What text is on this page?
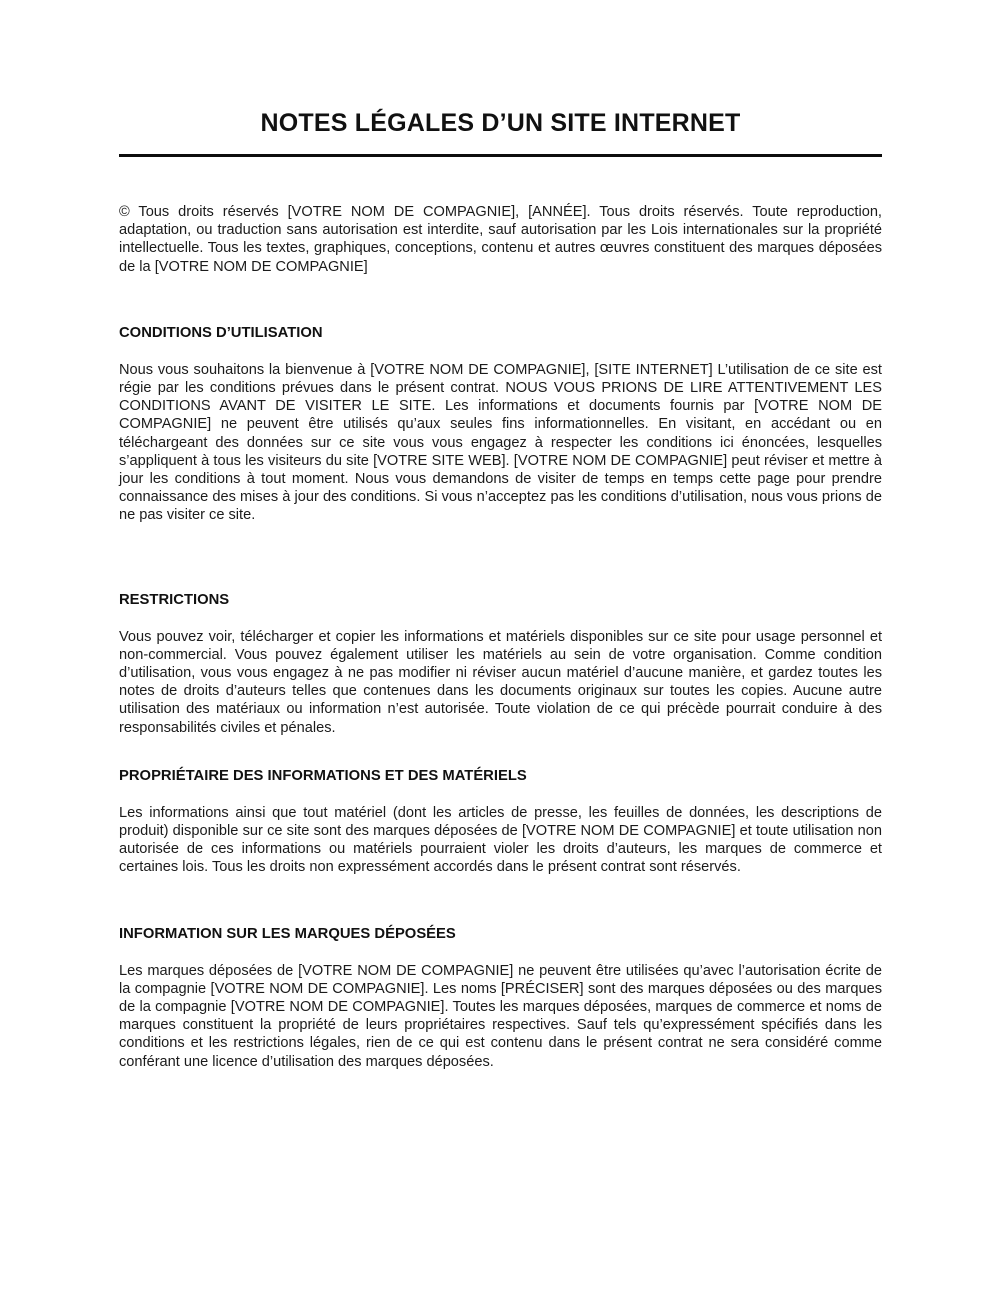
NOTES LÉGALES D’UN SITE INTERNET

© Tous droits réservés [VOTRE NOM DE COMPAGNIE], [ANNÉE]. Tous droits réservés. Toute reproduction, adaptation, ou traduction sans autorisation est interdite, sauf autorisation par les Lois internationales sur la propriété intellectuelle. Tous les textes, graphiques, conceptions, contenu et autres œuvres constituent des marques déposées de la [VOTRE NOM DE COMPAGNIE]

CONDITIONS D’UTILISATION

Nous vous souhaitons la bienvenue à [VOTRE NOM DE COMPAGNIE], [SITE INTERNET] L’utilisation de ce site est régie par les conditions prévues dans le présent contrat. NOUS VOUS PRIONS DE LIRE ATTENTIVEMENT LES CONDITIONS AVANT DE VISITER LE SITE. Les informations et documents fournis par [VOTRE NOM DE COMPAGNIE] ne peuvent être utilisés qu’aux seules fins informationnelles. En visitant, en accédant ou en téléchargeant des données sur ce site vous vous engagez à respecter les conditions ici énoncées, lesquelles s’appliquent à tous les visiteurs du site [VOTRE SITE WEB]. [VOTRE NOM DE COMPAGNIE] peut réviser et mettre à jour les conditions à tout moment. Nous vous demandons de visiter de temps en temps cette page pour prendre connaissance des mises à jour des conditions. Si vous n’acceptez pas les conditions d’utilisation, nous vous prions de ne pas visiter ce site.

RESTRICTIONS

Vous pouvez voir, télécharger et copier les informations et matériels disponibles sur ce site pour usage personnel et non-commercial. Vous pouvez également utiliser les matériels au sein de votre organisation. Comme condition d’utilisation, vous vous engagez à ne pas modifier ni réviser aucun matériel d’aucune manière, et gardez toutes les notes de droits d’auteurs telles que contenues dans les documents originaux sur toutes les copies. Aucune autre utilisation des matériaux ou information n’est autorisée. Toute violation de ce qui précède pourrait conduire à des responsabilités civiles et pénales.

PROPRIÉTAIRE DES INFORMATIONS ET DES MATÉRIELS

Les informations ainsi que tout matériel (dont les articles de presse, les feuilles de données, les descriptions de produit) disponible sur ce site sont des marques déposées de [VOTRE NOM DE COMPAGNIE] et toute utilisation non autorisée de ces informations ou matériels pourraient violer les droits d’auteurs, les marques de commerce et certaines lois. Tous les droits non expressément accordés dans le présent contrat sont réservés.

INFORMATION SUR LES MARQUES DÉPOSÉES

Les marques déposées de [VOTRE NOM DE COMPAGNIE] ne peuvent être utilisées qu’avec l’autorisation écrite de la compagnie [VOTRE NOM DE COMPAGNIE]. Les noms [PRÉCISER] sont des marques déposées ou des marques de la compagnie [VOTRE NOM DE COMPAGNIE]. Toutes les marques déposées, marques de commerce et noms de marques constituent la propriété de leurs propriétaires respectives. Sauf tels qu’expressément spécifiés dans les conditions et les restrictions légales, rien de ce qui est contenu dans le présent contrat ne sera considéré comme conférant une licence d’utilisation des marques déposées.
